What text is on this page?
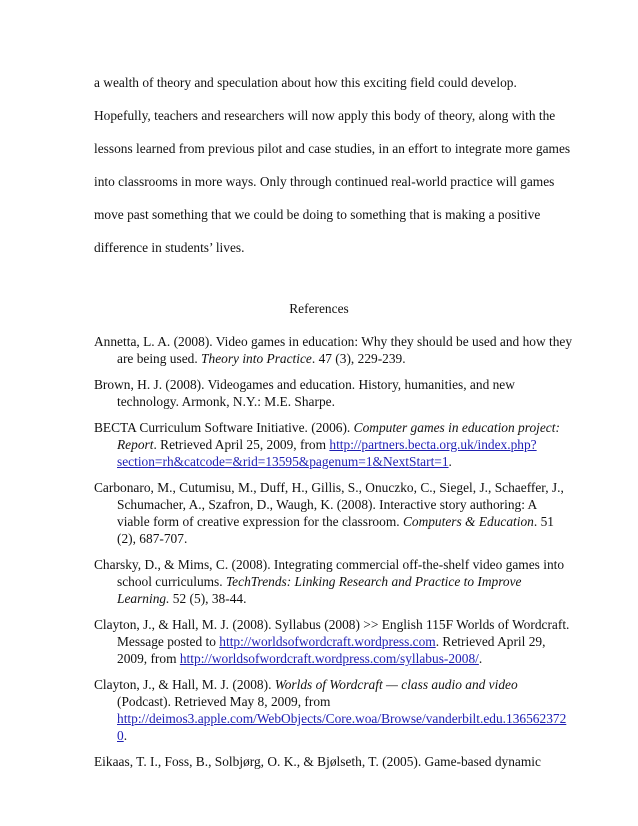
a wealth of theory and speculation about how this exciting field could develop.
Hopefully, teachers and researchers will now apply this body of theory, along with the
lessons learned from previous pilot and case studies, in an effort to integrate more games
into classrooms in more ways. Only through continued real-world practice will games
move past something that we could be doing to something that is making a positive
difference in students’ lives.
References
Annetta, L. A. (2008). Video games in education: Why they should be used and how they
are being used. Theory into Practice. 47 (3), 229-239.
Brown, H. J. (2008). Videogames and education. History, humanities, and new
technology. Armonk, N.Y.: M.E. Sharpe.
BECTA Curriculum Software Initiative. (2006). Computer games in education project:
Report. Retrieved April 25, 2009, from http://partners.becta.org.uk/index.php?
section=rh&catcode=&rid=13595&pagenum=1&NextStart=1.
Carbonaro, M., Cutumisu, M., Duff, H., Gillis, S., Onuczko, C., Siegel, J., Schaeffer, J.,
Schumacher, A., Szafron, D., Waugh, K. (2008). Interactive story authoring: A
viable form of creative expression for the classroom. Computers & Education. 51
(2), 687-707.
Charsky, D., & Mims, C. (2008). Integrating commercial off-the-shelf video games into
school curriculums. TechTrends: Linking Research and Practice to Improve
Learning. 52 (5), 38-44.
Clayton, J., & Hall, M. J. (2008). Syllabus (2008) >> English 115F Worlds of Wordcraft.
Message posted to http://worldsofwordcraft.wordpress.com. Retrieved April 29,
2009, from http://worldsofwordcraft.wordpress.com/syllabus-2008/.
Clayton, J., & Hall, M. J. (2008). Worlds of Wordcraft — class audio and video
(Podcast). Retrieved May 8, 2009, from
http://deimos3.apple.com/WebObjects/Core.woa/Browse/vanderbilt.edu.136562372
0.
Eikaas, T. I., Foss, B., Solbjørg, O. K., & Bjølseth, T. (2005). Game-based dynamic
